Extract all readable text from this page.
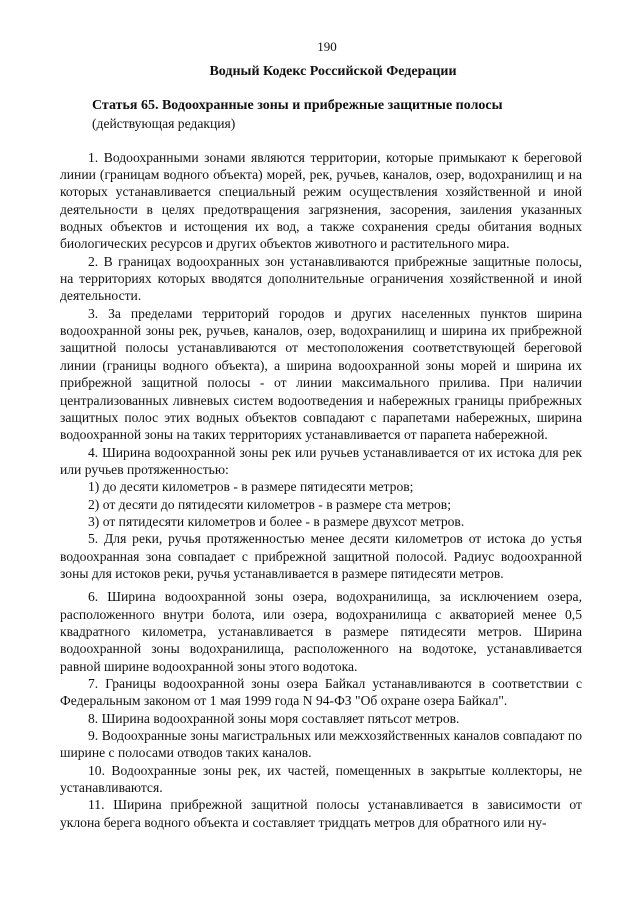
190
Водный Кодекс Российской Федерации
Статья 65. Водоохранные зоны и прибрежные защитные полосы
(действующая редакция)

1. Водоохранными зонами являются территории, которые примыкают к береговой линии (границам водного объекта) морей, рек, ручьев, каналов, озер, водохранилищ и на которых устанавливается специальный режим осуществления хозяйственной и иной деятельности в целях предотвращения загрязнения, засорения, заиления указанных водных объектов и истощения их вод, а также сохранения среды обитания водных биологических ресурсов и других объектов животного и растительного мира.

2. В границах водоохранных зон устанавливаются прибрежные защитные полосы, на территориях которых вводятся дополнительные ограничения хозяйственной и иной деятельности.

3. За пределами территорий городов и других населенных пунктов ширина водоохранной зоны рек, ручьев, каналов, озер, водохранилищ и ширина их прибрежной защитной полосы устанавливаются от местоположения соответствующей береговой линии (границы водного объекта), а ширина водоохранной зоны морей и ширина их прибрежной защитной полосы - от линии максимального прилива. При наличии централизованных ливневых систем водоотведения и набережных границы прибрежных защитных полос этих водных объектов совпадают с парапетами набережных, ширина водоохранной зоны на таких территориях устанавливается от парапета набережной.

4. Ширина водоохранной зоны рек или ручьев устанавливается от их истока для рек или ручьев протяженностью:

1) до десяти километров - в размере пятидесяти метров;

2) от десяти до пятидесяти километров - в размере ста метров;

3) от пятидесяти километров и более - в размере двухсот метров.

5. Для реки, ручья протяженностью менее десяти километров от истока до устья водоохранная зона совпадает с прибрежной защитной полосой. Радиус водоохранной зоны для истоков реки, ручья устанавливается в размере пятидесяти метров.

6. Ширина водоохранной зоны озера, водохранилища, за исключением озера, расположенного внутри болота, или озера, водохранилища с акваторией менее 0,5 квадратного километра, устанавливается в размере пятидесяти метров. Ширина водоохранной зоны водохранилища, расположенного на водотоке, устанавливается равной ширине водоохранной зоны этого водотока.

7. Границы водоохранной зоны озера Байкал устанавливаются в соответствии с Федеральным законом от 1 мая 1999 года N 94-ФЗ "Об охране озера Байкал".

8. Ширина водоохранной зоны моря составляет пятьсот метров.

9. Водоохранные зоны магистральных или межхозяйственных каналов совпадают по ширине с полосами отводов таких каналов.

10. Водоохранные зоны рек, их частей, помещенных в закрытые коллекторы, не устанавливаются.

11. Ширина прибрежной защитной полосы устанавливается в зависимости от уклона берега водного объекта и составляет тридцать метров для обратного или ну-
